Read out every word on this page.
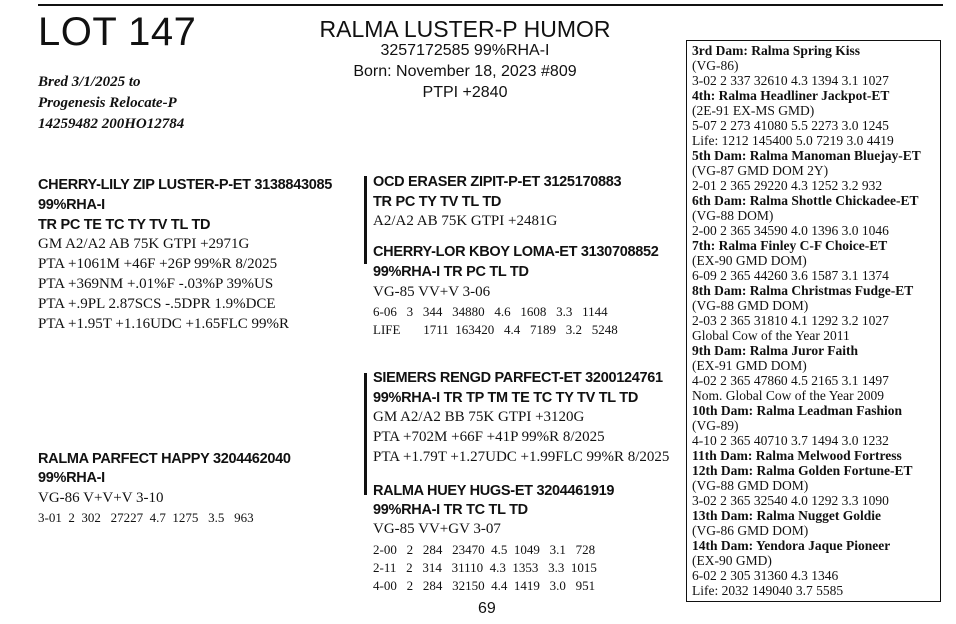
LOT 147
Bred 3/1/2025 to
Progenesis Relocate-P
14259482 200HO12784
RALMA LUSTER-P HUMOR
3257172585 99%RHA-I
Born: November 18, 2023 #809
PTPI +2840
CHERRY-LILY ZIP LUSTER-P-ET 3138843085
99%RHA-I
TR PC TE TC TY TV TL TD
GM A2/A2 AB 75K GTPI +2971G
PTA +1061M +46F +26P 99%R 8/2025
PTA +369NM +.01%F -.03%P 39%US
PTA +.9PL 2.87SCS -.5DPR 1.9%DCE
PTA +1.95T +1.16UDC +1.65FLC 99%R
RALMA PARFECT HAPPY 3204462040
99%RHA-I
VG-86 V+V+V 3-10
3-01 2 302 27227 4.7 1275 3.5 963
OCD ERASER ZIPIT-P-ET 3125170883
TR PC TY TV TL TD
A2/A2 AB 75K GTPI +2481G
CHERRY-LOR KBOY LOMA-ET 3130708852
99%RHA-I TR PC TL TD
VG-85 VV+V 3-06
6-06 3 344 34880 4.6 1608 3.3 1144
LIFE 1711 163420 4.4 7189 3.2 5248
SIEMERS RENGD PARFECT-ET 3200124761
99%RHA-I TR TP TM TE TC TY TV TL TD
GM A2/A2 BB 75K GTPI +3120G
PTA +702M +66F +41P 99%R 8/2025
PTA +1.79T +1.27UDC +1.99FLC 99%R 8/2025
RALMA HUEY HUGS-ET 3204461919
99%RHA-I TR TC TL TD
VG-85 VV+GV 3-07
2-00 2 284 23470 4.5 1049 3.1 728
2-11 2 314 31110 4.3 1353 3.3 1015
4-00 2 284 32150 4.4 1419 3.0 951
3rd Dam: Ralma Spring Kiss
(VG-86)
3-02 2 337 32610 4.3 1394 3.1 1027
4th: Ralma Headliner Jackpot-ET
(2E-91 EX-MS GMD)
5-07 2 273 41080 5.5 2273 3.0 1245
Life: 1212 145400 5.0 7219 3.0 4419
5th Dam: Ralma Manoman Bluejay-ET
(VG-87 GMD DOM 2Y)
2-01 2 365 29220 4.3 1252 3.2 932
6th Dam: Ralma Shottle Chickadee-ET
(VG-88 DOM)
2-00 2 365 34590 4.0 1396 3.0 1046
7th: Ralma Finley C-F Choice-ET
(EX-90 GMD DOM)
6-09 2 365 44260 3.6 1587 3.1 1374
8th Dam: Ralma Christmas Fudge-ET
(VG-88 GMD DOM)
2-03 2 365 31810 4.1 1292 3.2 1027
Global Cow of the Year 2011
9th Dam: Ralma Juror Faith
(EX-91 GMD DOM)
4-02 2 365 47860 4.5 2165 3.1 1497
Nom. Global Cow of the Year 2009
10th Dam: Ralma Leadman Fashion
(VG-89)
4-10 2 365 40710 3.7 1494 3.0 1232
11th Dam: Ralma Melwood Fortress
12th Dam: Ralma Golden Fortune-ET
(VG-88 GMD DOM)
3-02 2 365 32540 4.0 1292 3.3 1090
13th Dam: Ralma Nugget Goldie
(VG-86 GMD DOM)
14th Dam: Yendora Jaque Pioneer
(EX-90 GMD)
6-02 2 305 31360 4.3 1346
Life: 2032 149040 3.7 5585
69
